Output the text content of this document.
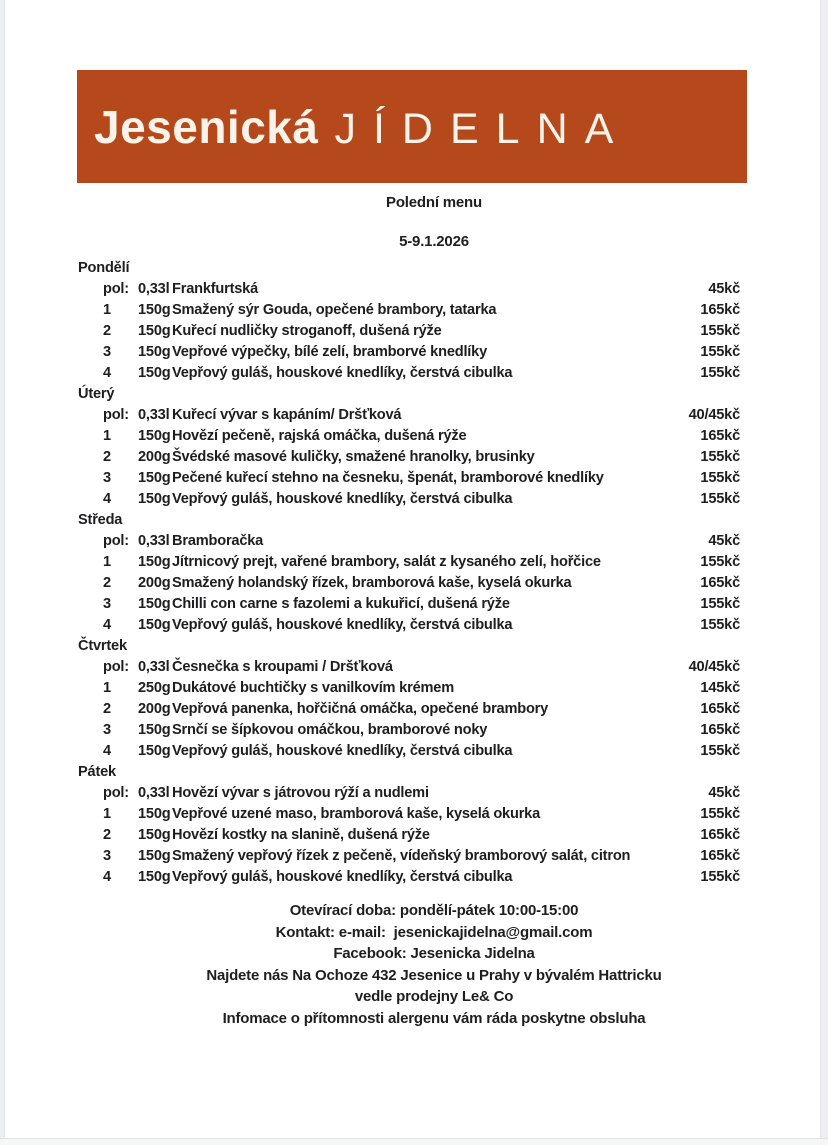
Jesenická JÍDELNA
Polední menu
5-9.1.2026
Pondělí
pol: 0,33l Frankfurtská	45kč
1	150g Smažený sýr Gouda, opečené brambory, tatarka	165kč
2	150g Kuřecí nudličky stroganoff, dušená rýže	155kč
3	150g Vepřové výpečky, bílé zelí, bramborvé knedlíky	155kč
4	150g Vepřový guláš, houskové knedlíky, čerstvá cibulka	155kč
Úterý
pol: 0,33l Kuřecí vývar s kapáním/ Dršťková	40/45kč
1	150g Hovězí pečeně, rajská omáčka, dušená rýže	165kč
2	200g Švédské masové kuličky, smažené hranolky, brusinky	155kč
3	150g Pečené kuřecí stehno na česneku, špenát, bramborové knedlíky	155kč
4	150g Vepřový guláš, houskové knedlíky, čerstvá cibulka	155kč
Středa
pol: 0,33l Bramboračka	45kč
1	150g Jítrnicový prejt, vařené brambory, salát z kysaného zelí, hořčice	155kč
2	200g Smažený holandský řízek, bramborová kaše, kyselá okurka	165kč
3	150g Chilli con carne s fazolemi a kukuřicí, dušená rýže	155kč
4	150g Vepřový guláš, houskové knedlíky, čerstvá cibulka	155kč
Čtvrtek
pol: 0,33l Česnečka s kroupami / Dršťková	40/45kč
1	250g Dukátové buchtičky s vanilkovím krémem	145kč
2	200g Vepřová panenka, hořčičná omáčka, opečené brambory	165kč
3	150g Srnčí se šípkovou omáčkou, bramborové noky	165kč
4	150g Vepřový guláš, houskové knedlíky, čerstvá cibulka	155kč
Pátek
pol: 0,33l Hovězí vývar s játrovou rýží a nudlemi	45kč
1	150g Vepřové uzené maso, bramborová kaše, kyselá okurka	155kč
2	150g Hovězí kostky na slanině, dušená rýže	165kč
3	150g Smažený vepřový řízek z pečeně, vídeňský bramborový salát, citron	165kč
4	150g Vepřový guláš, houskové knedlíky, čerstvá cibulka	155kč
Otevírací doba: pondělí-pátek 10:00-15:00
Kontakt: e-mail:  jesenickajidelna@gmail.com
Facebook: Jesenicka Jidelna
Najdete nás Na Ochoze 432 Jesenice u Prahy v bývalém Hattricku
vedle prodejny Le& Co
Infomace o přítomnosti alergenu vám ráda poskytne obsluha
